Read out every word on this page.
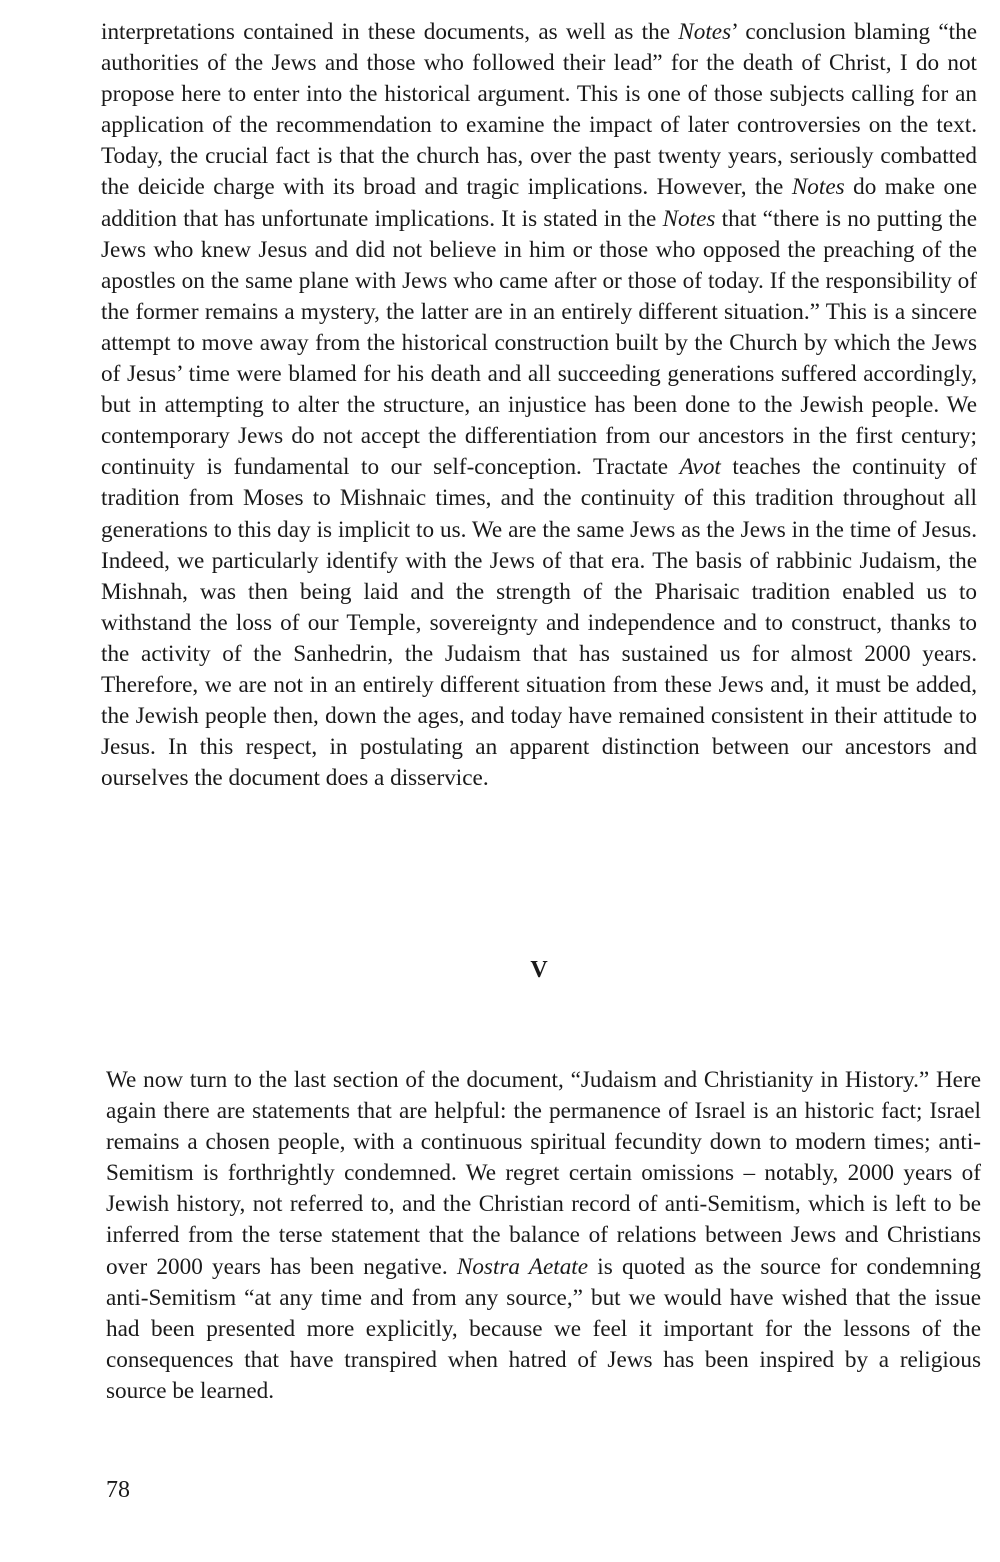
interpretations contained in these documents, as well as the Notes’ conclusion blaming “the authorities of the Jews and those who followed their lead” for the death of Christ, I do not propose here to enter into the historical argument. This is one of those subjects calling for an application of the recommendation to examine the impact of later controversies on the text. Today, the crucial fact is that the church has, over the past twenty years, seriously combatted the deicide charge with its broad and tragic implications. However, the Notes do make one addition that has unfortunate implications. It is stated in the Notes that “there is no putting the Jews who knew Jesus and did not believe in him or those who opposed the preaching of the apostles on the same plane with Jews who came after or those of today. If the responsibility of the former remains a mystery, the latter are in an entirely different situation.” This is a sincere attempt to move away from the historical construction built by the Church by which the Jews of Jesus’ time were blamed for his death and all succeeding generations suffered accordingly, but in attempting to alter the structure, an injustice has been done to the Jewish people. We contemporary Jews do not accept the differentiation from our ancestors in the first century; continuity is fundamental to our self-conception. Tractate Avot teaches the continuity of tradition from Moses to Mishnaic times, and the continuity of this tradition throughout all generations to this day is implicit to us. We are the same Jews as the Jews in the time of Jesus. Indeed, we particularly identify with the Jews of that era. The basis of rabbinic Judaism, the Mishnah, was then being laid and the strength of the Pharisaic tradition enabled us to withstand the loss of our Temple, sovereignty and independence and to construct, thanks to the activity of the Sanhedrin, the Judaism that has sustained us for almost 2000 years. Therefore, we are not in an entirely different situation from these Jews and, it must be added, the Jewish people then, down the ages, and today have remained consistent in their attitude to Jesus. In this respect, in postulating an apparent distinction between our ancestors and ourselves the document does a disservice.

V

We now turn to the last section of the document, “Judaism and Christianity in History.” Here again there are statements that are helpful: the permanence of Israel is an historic fact; Israel remains a chosen people, with a continuous spiritual fecundity down to modern times; anti-Semitism is forthrightly condemned. We regret certain omissions – notably, 2000 years of Jewish history, not referred to, and the Christian record of anti-Semitism, which is left to be inferred from the terse statement that the balance of relations between Jews and Christians over 2000 years has been negative. Nostra Aetate is quoted as the source for condemning anti-Semitism “at any time and from any source,” but we would have wished that the issue had been presented more explicitly, because we feel it important for the lessons of the consequences that have transpired when hatred of Jews has been inspired by a religious source be learned.

78
